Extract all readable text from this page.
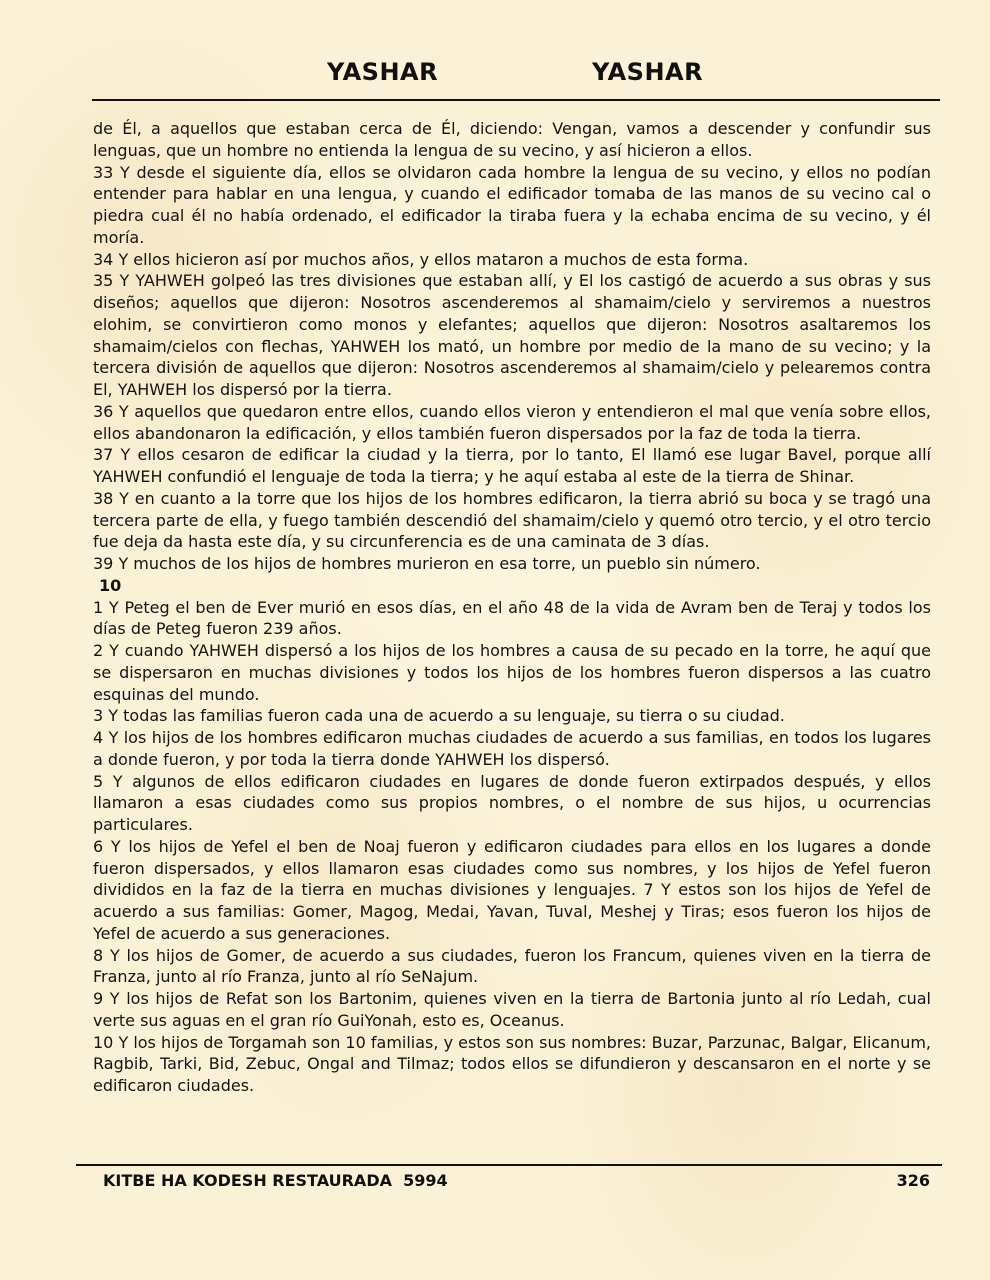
YASHAR	YASHAR

de Él, a aquellos que estaban cerca de Él, diciendo: Vengan, vamos a descender y confundir sus lenguas, que un hombre no entienda la lengua de su vecino, y así hicieron a ellos.

33 Y desde el siguiente día, ellos se olvidaron cada hombre la lengua de su vecino, y ellos no podían entender para hablar en una lengua, y cuando el edificador tomaba de las manos de su vecino cal o piedra cual él no había ordenado, el edificador la tiraba fuera y la echaba encima de su vecino, y él moría.

34 Y ellos hicieron así por muchos años, y ellos mataron a muchos de esta forma.

35 Y YAHWEH golpeó las tres divisiones que estaban allí, y El los castigó de acuerdo a sus obras y sus diseños; aquellos que dijeron: Nosotros ascenderemos al shamaim/cielo y serviremos a nuestros elohim, se convirtieron como monos y elefantes; aquellos que dijeron: Nosotros asaltaremos los shamaim/cielos con flechas, YAHWEH los mató, un hombre por medio de la mano de su vecino; y la tercera división de aquellos que dijeron: Nosotros ascenderemos al shamaim/cielo y pelearemos contra El, YAHWEH los dispersó por la tierra.

36 Y aquellos que quedaron entre ellos, cuando ellos vieron y entendieron el mal que venía sobre ellos, ellos abandonaron la edificación, y ellos también fueron dispersados por la faz de toda la tierra.

37 Y ellos cesaron de edificar la ciudad y la tierra, por lo tanto, El llamó ese lugar Bavel, porque allí YAHWEH confundió el lenguaje de toda la tierra; y he aquí estaba al este de la tierra de Shinar.

38 Y en cuanto a la torre que los hijos de los hombres edificaron, la tierra abrió su boca y se tragó una tercera parte de ella, y fuego también descendió del shamaim/cielo y quemó otro tercio, y el otro tercio fue deja da hasta este día, y su circunferencia es de una caminata de 3 días.

39 Y muchos de los hijos de hombres murieron en esa torre, un pueblo sin número.

10

1 Y Peteg el ben de Ever murió en esos días, en el año 48 de la vida de Avram ben de Teraj y todos los días de Peteg fueron 239 años.

2 Y cuando YAHWEH dispersó a los hijos de los hombres a causa de su pecado en la torre, he aquí que se dispersaron en muchas divisiones y todos los hijos de los hombres fueron dispersos a las cuatro esquinas del mundo.

3 Y todas las familias fueron cada una de acuerdo a su lenguaje, su tierra o su ciudad.

4 Y los hijos de los hombres edificaron muchas ciudades de acuerdo a sus familias, en todos los lugares a donde fueron, y por toda la tierra donde YAHWEH los dispersó.

5 Y algunos de ellos edificaron ciudades en lugares de donde fueron extirpados después, y ellos llamaron a esas ciudades como sus propios nombres, o el nombre de sus hijos, u ocurrencias particulares.

6 Y los hijos de Yefel el ben de Noaj fueron y edificaron ciudades para ellos en los lugares a donde fueron dispersados, y ellos llamaron esas ciudades como sus nombres, y los hijos de Yefel fueron divididos en la faz de la tierra en muchas divisiones y lenguajes. 7 Y estos son los hijos de Yefel de acuerdo a sus familias: Gomer, Magog, Medai, Yavan, Tuval, Meshej y Tiras; esos fueron los hijos de Yefel de acuerdo a sus generaciones.

8 Y los hijos de Gomer, de acuerdo a sus ciudades, fueron los Francum, quienes viven en la tierra de Franza, junto al río Franza, junto al río SeNajum.

9 Y los hijos de Refat son los Bartonim, quienes viven en la tierra de Bartonia junto al río Ledah, cual verte sus aguas en el gran río GuiYonah, esto es, Oceanus.

10 Y los hijos de Torgamah son 10 familias, y estos son sus nombres: Buzar, Parzunac, Balgar, Elicanum, Ragbib, Tarki, Bid, Zebuc, Ongal and Tilmaz; todos ellos se difundieron y descansaron en el norte y se edificaron ciudades.

KITBE HA KODESH RESTAURADA  5994	326
